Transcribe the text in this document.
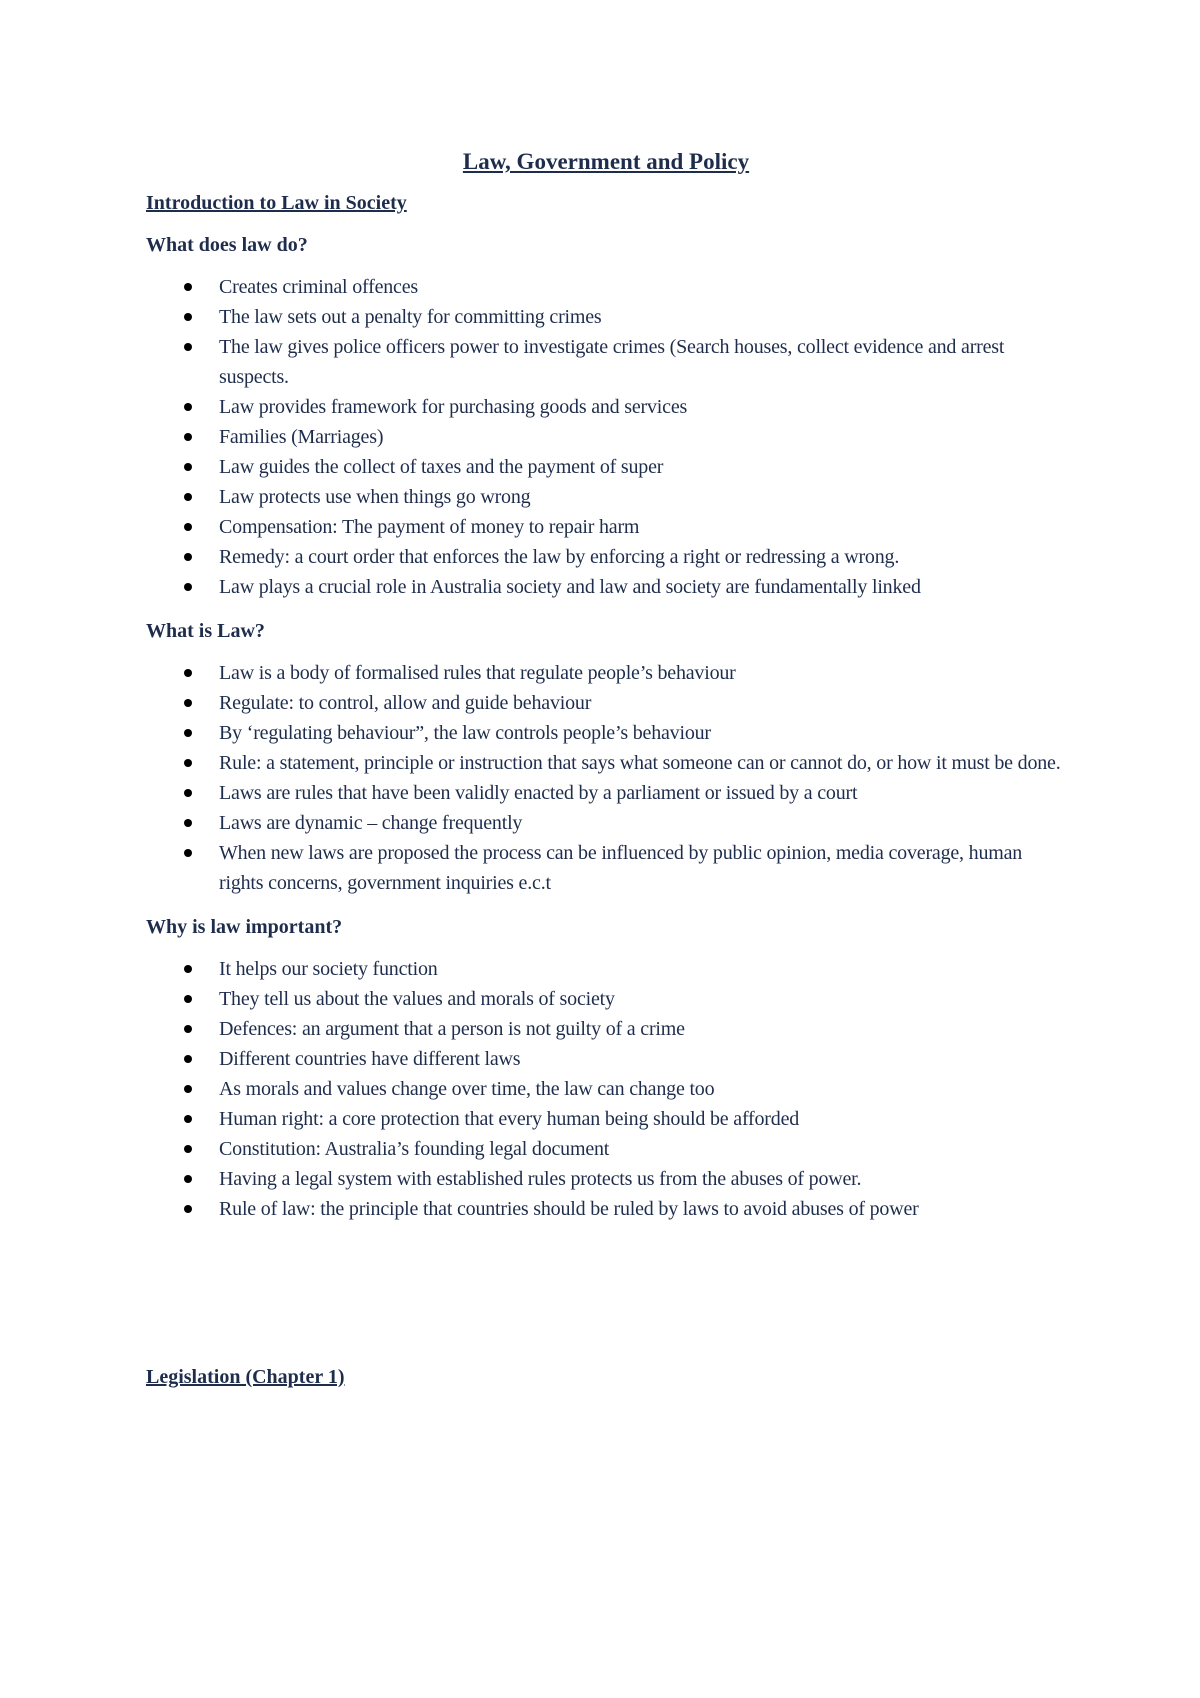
Law, Government and Policy
Introduction to Law in Society
What does law do?
Creates criminal offences
The law sets out a penalty for committing crimes
The law gives police officers power to investigate crimes (Search houses, collect evidence and arrest suspects.
Law provides framework for purchasing goods and services
Families (Marriages)
Law guides the collect of taxes and the payment of super
Law protects use when things go wrong
Compensation: The payment of money to repair harm
Remedy: a court order that enforces the law by enforcing a right or redressing a wrong.
Law plays a crucial role in Australia society and law and society are fundamentally linked
What is Law?
Law is a body of formalised rules that regulate people’s behaviour
Regulate: to control, allow and guide behaviour
By ‘regulating behaviour”, the law controls people’s behaviour
Rule: a statement, principle or instruction that says what someone can or cannot do, or how it must be done.
Laws are rules that have been validly enacted by a parliament or issued by a court
Laws are dynamic – change frequently
When new laws are proposed the process can be influenced by public opinion, media coverage, human rights concerns, government inquiries e.c.t
Why is law important?
It helps our society function
They tell us about the values and morals of society
Defences: an argument that a person is not guilty of a crime
Different countries have different laws
As morals and values change over time, the law can change too
Human right: a core protection that every human being should be afforded
Constitution: Australia’s founding legal document
Having a legal system with established rules protects us from the abuses of power.
Rule of law: the principle that countries should be ruled by laws to avoid abuses of power
Legislation (Chapter 1)
